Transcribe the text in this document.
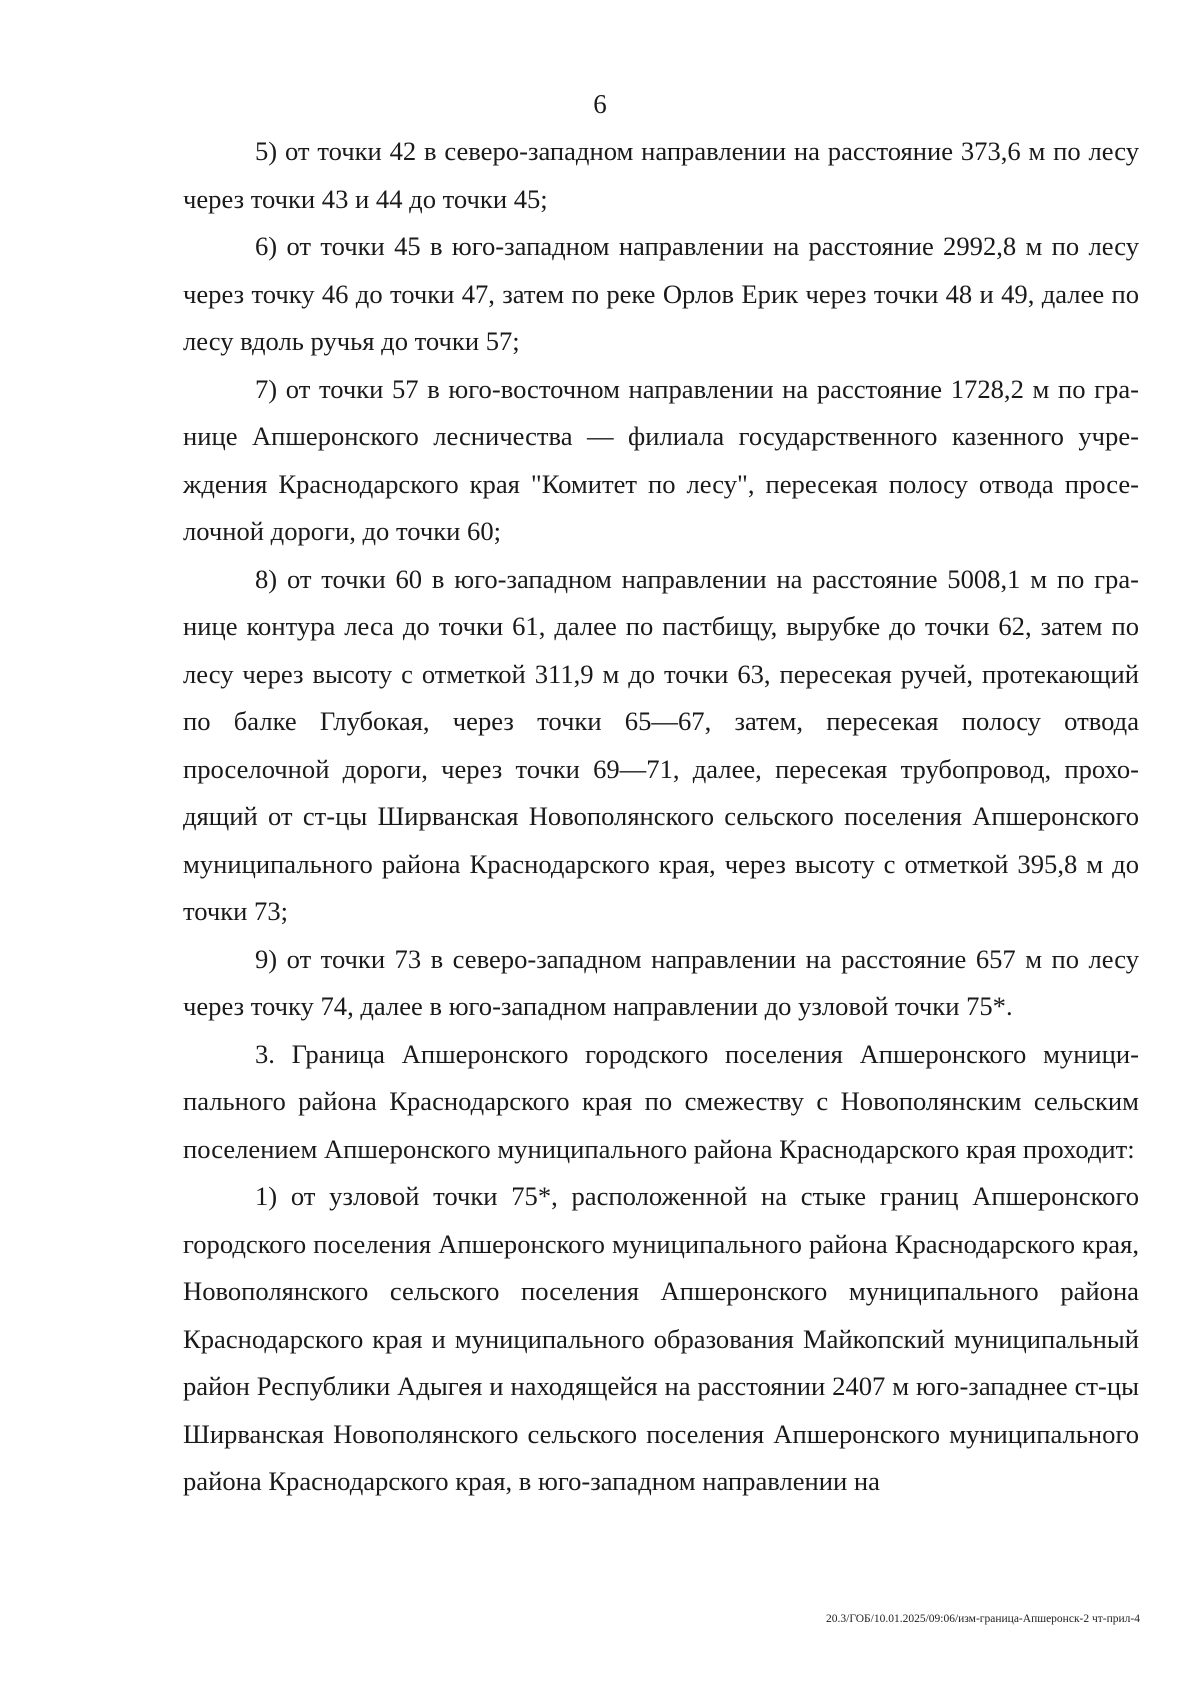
6

5) от точки 42 в северо-западном направлении на расстояние 373,6 м по лесу через точки 43 и 44 до точки 45;

6) от точки 45 в юго-западном направлении на расстояние 2992,8 м по лесу через точку 46 до точки 47, затем по реке Орлов Ерик через точки 48 и 49, далее по лесу вдоль ручья до точки 57;

7) от точки 57 в юго-восточном направлении на расстояние 1728,2 м по границе Апшеронского лесничества — филиала государственного казенного учреждения Краснодарского края "Комитет по лесу", пересекая полосу отвода проселочной дороги, до точки 60;

8) от точки 60 в юго-западном направлении на расстояние 5008,1 м по границе контура леса до точки 61, далее по пастбищу, вырубке до точки 62, затем по лесу через высоту с отметкой 311,9 м до точки 63, пересекая ручей, протекающий по балке Глубокая, через точки 65—67, затем, пересекая полосу отвода проселочной дороги, через точки 69—71, далее, пересекая трубопровод, проходящий от ст-цы Ширванская Новополянского сельского поселения Апшеронского муниципального района Краснодарского края, через высоту с отметкой 395,8 м до точки 73;

9) от точки 73 в северо-западном направлении на расстояние 657 м по лесу через точку 74, далее в юго-западном направлении до узловой точки 75*.

3. Граница Апшеронского городского поселения Апшеронского муниципального района Краснодарского края по смежеству с Новополянским сельским поселением Апшеронского муниципального района Краснодарского края проходит:

1) от узловой точки 75*, расположенной на стыке границ Апшеронского городского поселения Апшеронского муниципального района Краснодарского края, Новополянского сельского поселения Апшеронского муниципального района Краснодарского края и муниципального образования Майкопский муниципальный район Республики Адыгея и находящейся на расстоянии 2407 м юго-западнее ст-цы Ширванская Новополянского сельского поселения Апшеронского муниципального района Краснодарского края, в юго-западном направлении на

20.3/ГОБ/10.01.2025/09:06/изм-граница-Апшеронск-2 чт-прил-4
